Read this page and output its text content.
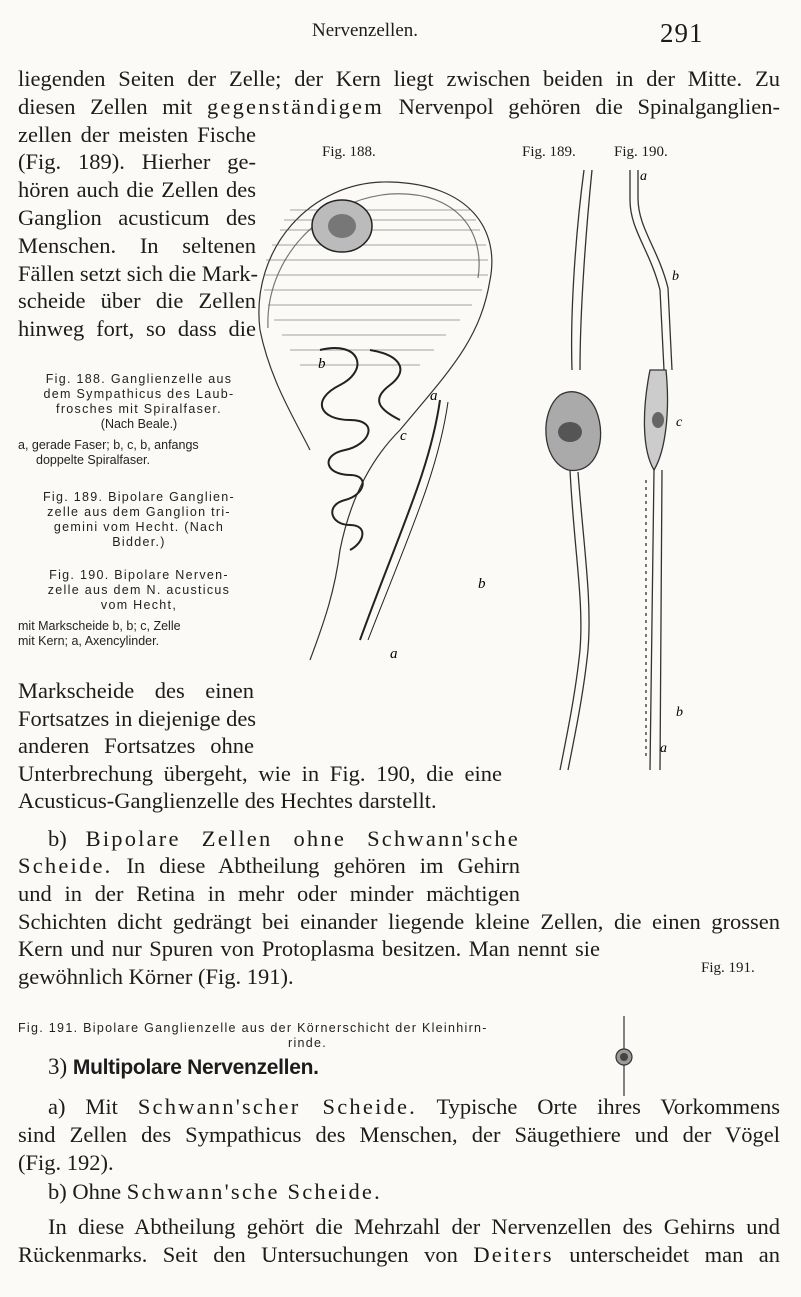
Nervenzellen.	291
liegenden Seiten der Zelle; der Kern liegt zwischen beiden in der Mitte. Zu
diesen Zellen mit gegenständigem Nervenpol gehören die Spinalganglien-
zellen der meisten Fische
(Fig. 189). Hierher ge-
hören auch die Zellen des
Ganglion acusticum des
Menschen. In seltenen
Fällen setzt sich die Mark-
scheide über die Zellen
hinweg fort, so dass die
Fig. 188.	Fig. 189.	Fig. 190.
Fig. 188. Ganglienzelle aus
dem Sympathicus des Laub-
frosches mit Spiralfaser.
(Nach Beale.)
a, gerade Faser; b, c, b, anfangs
doppelte Spiralfaser.
Fig. 189. Bipolare Ganglien-
zelle aus dem Ganglion tri-
gemini vom Hecht. (Nach
Bidder.)
Fig. 190. Bipolare Nerven-
zelle aus dem N. acusticus
vom Hecht,
mit Markscheide b, b; c, Zelle
mit Kern; a, Axencylinder.
Markscheide des einen
Fortsatzes in diejenige des
anderen Fortsatzes ohne
Unterbrechung übergeht, wie in Fig. 190, die eine
Acusticus-Ganglienzelle des Hechtes darstellt.
b) Bipolare Zellen ohne Schwann'sche
Scheide. In diese Abtheilung gehören im Gehirn
und in der Retina in mehr oder minder mächtigen
Schichten dicht gedrängt bei einander liegende kleine Zellen, die einen grossen
Kern und nur Spuren von Protoplasma besitzen. Man nennt sie
gewöhnlich Körner (Fig. 191).	Fig. 191.
Fig. 191. Bipolare Ganglienzelle aus der Körnerschicht der Kleinhirn-
rinde.
3) Multipolare Nervenzellen.
a) Mit Schwann'scher Scheide. Typische Orte ihres Vorkommens
sind Zellen des Sympathicus des Menschen, der Säugethiere und der Vögel
(Fig. 192).
b) Ohne Schwann'sche Scheide.
In diese Abtheilung gehört die Mehrzahl der Nervenzellen des Gehirns und
Rückenmarks. Seit den Untersuchungen von Deiters unterscheidet man an
a
b
c
b
a
a
b
c
b
a
